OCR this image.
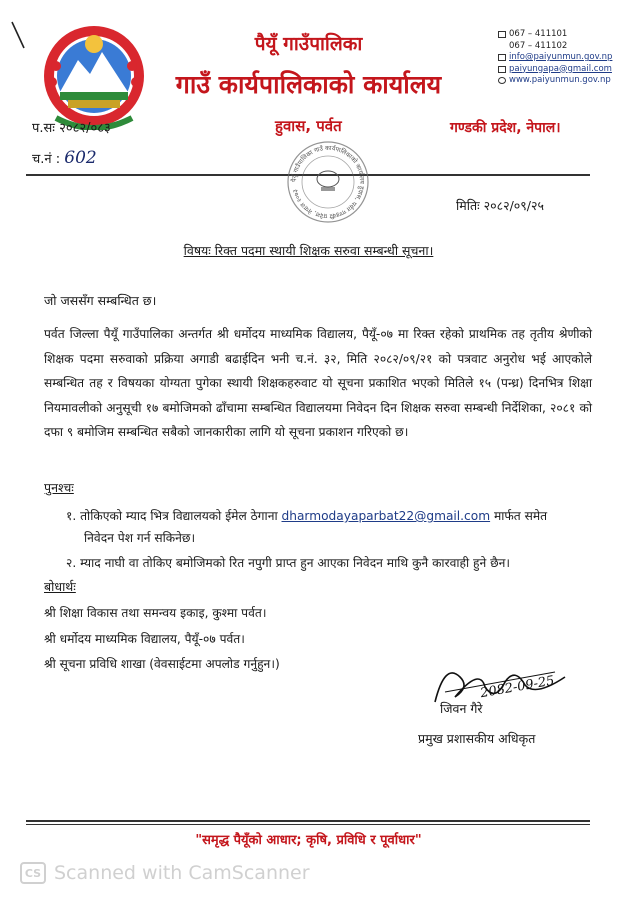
पैयूँ गाउँपालिका
गाउँ कार्यपालिकाको कार्यालय
067 – 411101
067 – 411102
info@paiyunmun.gov.np
paiyungapa@gmail.com
www.paiyunmun.gov.np
हुवास, पर्वत	गण्डकी प्रदेश, नेपाल।
प.सः २०८२/०८३
च.नं : 602
पैयूँ गाउँपालिका गाउँ कार्यपालिकाको कार्यालय हुवास, पर्वत गण्डकी प्रदेश, नेपाल २०७३
मितिः २०८२/०९/२५
विषयः रिक्त पदमा स्थायी शिक्षक सरुवा सम्बन्धी सूचना।
जो जससँग सम्बन्धित छ।
पर्वत जिल्ला पैयूँ गाउँपालिका अन्तर्गत श्री धर्मोदय माध्यमिक विद्यालय, पैयूँ-०७ मा रिक्त रहेको प्राथमिक तह तृतीय श्रेणीको शिक्षक पदमा सरुवाको प्रक्रिया अगाडी बढाईदिन भनी च.नं. ३२, मिति २०८२/०९/२१ को पत्रवाट अनुरोध भई आएकोले सम्बन्धित तह र विषयका योग्यता पुगेका स्थायी शिक्षकहरुवाट यो सूचना प्रकाशित भएको मितिले १५ (पन्ध्र) दिनभित्र शिक्षा नियमावलीको अनुसूची १७ बमोजिमको ढाँचामा सम्बन्धित विद्यालयमा निवेदन दिन शिक्षक सरुवा सम्बन्धी निर्देशिका, २०८१ को दफा ९ बमोजिम सम्बन्धित सबैको जानकारीका लागि यो सूचना प्रकाशन गरिएको छ।
पुनश्चः
१. तोकिएको म्याद भित्र विद्यालयको ईमेल ठेगाना dharmodayaparbat22@gmail.com मार्फत समेत
निवेदन पेश गर्न सकिनेछ।
२. म्याद नाघी वा तोकिए बमोजिमको रित नपुगी प्राप्त हुन आएका निवेदन माथि कुनै कारवाही हुने छैन।
बोधार्थः
श्री शिक्षा विकास तथा समन्वय इकाइ, कुश्मा पर्वत।
श्री धर्मोदय माध्यमिक विद्यालय, पैयूँ-०७ पर्वत।
श्री सूचना प्रविधि शाखा (वेवसाईटमा अपलोड गर्नुहुन।)
2082-09-25
जिवन गैरे
प्रमुख प्रशासकीय अधिकृत
"समृद्ध पैयूँको आधार; कृषि, प्रविधि र पूर्वाधार"
CS Scanned with CamScanner
